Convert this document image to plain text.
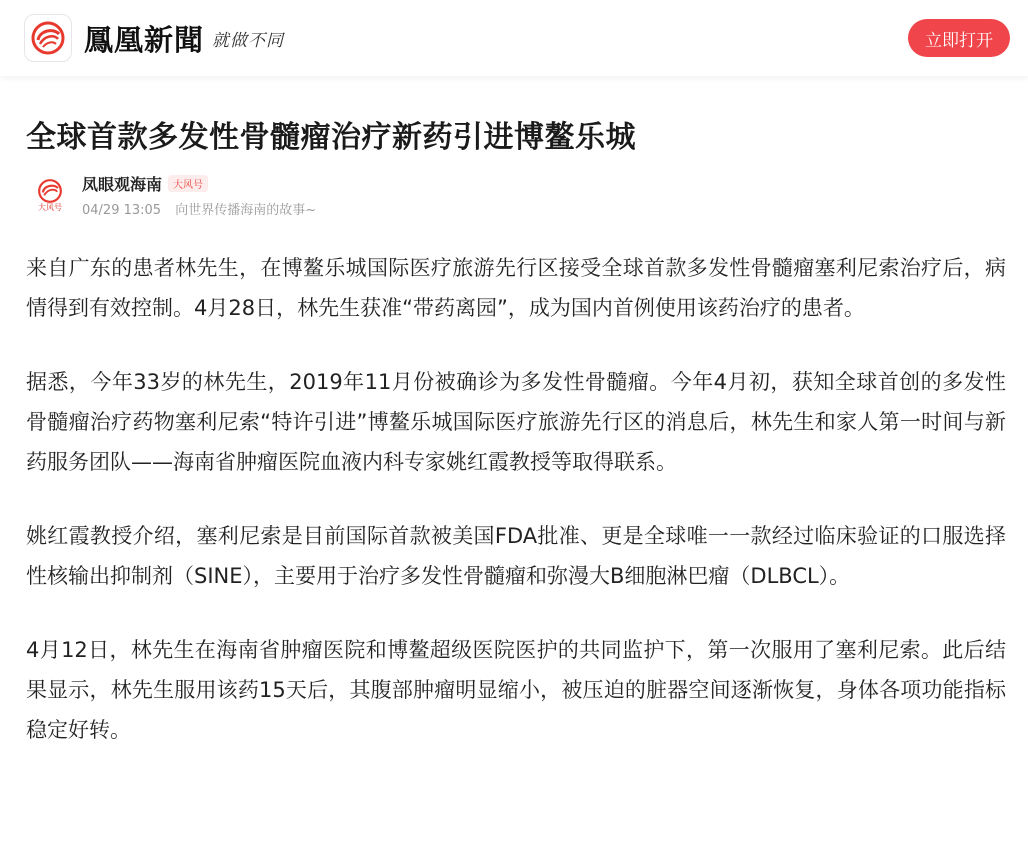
鳳凰新聞 就做不同	立即打开
全球首款多发性骨髓瘤治疗新药引进博鳌乐城
大风号
凤眼观海南	大风号
04/29 13:05 向世界传播海南的故事~

来自广东的患者林先生，在博鳌乐城国际医疗旅游先行区接受全球首款多发性骨髓瘤塞利尼索治疗后，病情得到有效控制。4月28日，林先生获准“带药离园”，成为国内首例使用该药治疗的患者。

据悉，今年33岁的林先生，2019年11月份被确诊为多发性骨髓瘤。今年4月初，获知全球首创的多发性骨髓瘤治疗药物塞利尼索“特许引进”博鳌乐城国际医疗旅游先行区的消息后，林先生和家人第一时间与新药服务团队——海南省肿瘤医院血液内科专家姚红霞教授等取得联系。

姚红霞教授介绍，塞利尼索是目前国际首款被美国FDA批准、更是全球唯一一款经过临床验证的口服选择性核输出抑制剂（SINE），主要用于治疗多发性骨髓瘤和弥漫大B细胞淋巴瘤（DLBCL）。

4月12日，林先生在海南省肿瘤医院和博鳌超级医院医护的共同监护下，第一次服用了塞利尼索。此后结果显示，林先生服用该药15天后，其腹部肿瘤明显缩小，被压迫的脏器空间逐渐恢复，身体各项功能指标稳定好转。
